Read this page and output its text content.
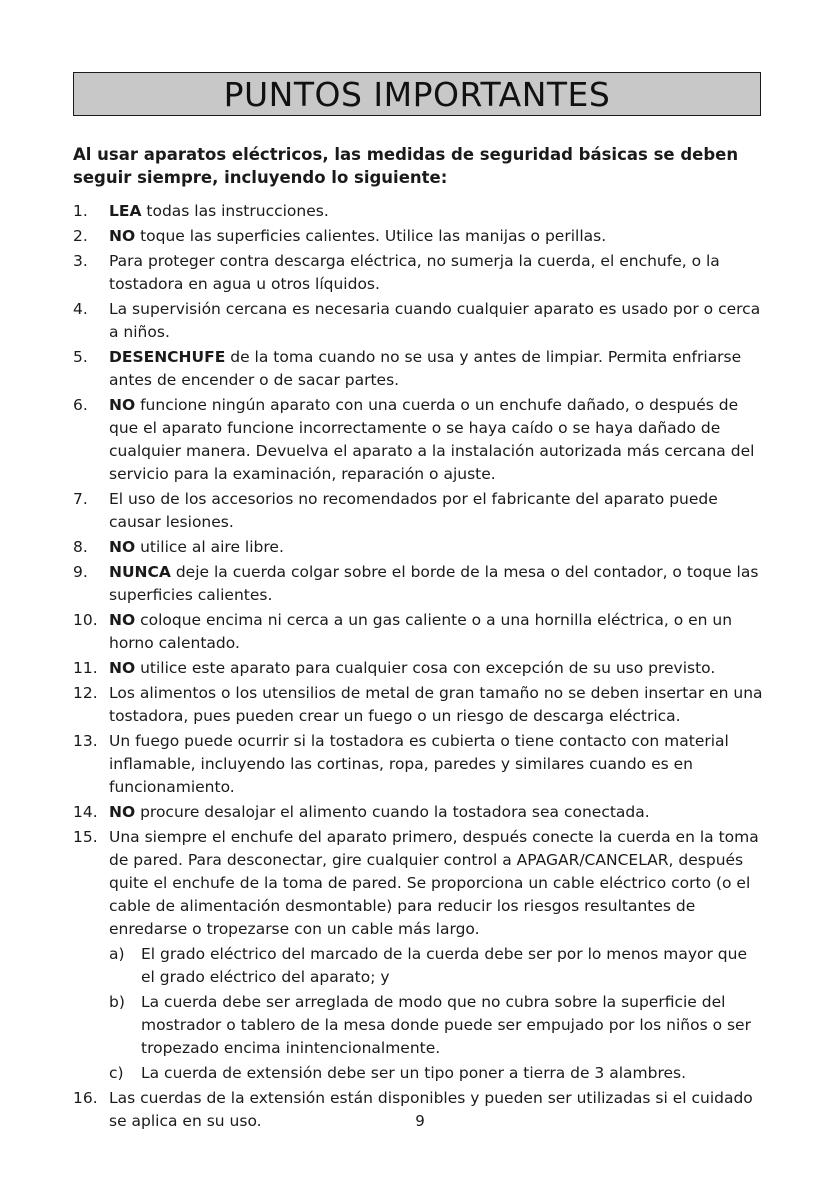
PUNTOS IMPORTANTES

Al usar aparatos eléctricos, las medidas de seguridad básicas se deben seguir siempre, incluyendo lo siguiente:

1.	LEA todas las instrucciones.
2.	NO toque las superficies calientes. Utilice las manijas o perillas.
3.	Para proteger contra descarga eléctrica, no sumerja la cuerda, el enchufe, o la tostadora en agua u otros líquidos.
4.	La supervisión cercana es necesaria cuando cualquier aparato es usado por o cerca a niños.
5.	DESENCHUFE de la toma cuando no se usa y antes de limpiar. Permita enfriarse antes de encender o de sacar partes.
6.	NO funcione ningún aparato con una cuerda o un enchufe dañado, o después de que el aparato funcione incorrectamente o se haya caído o se haya dañado de cualquier manera. Devuelva el aparato a la instalación autorizada más cercana del servicio para la examinación, reparación o ajuste.
7.	El uso de los accesorios no recomendados por el fabricante del aparato puede causar lesiones.
8.	NO utilice al aire libre.
9.	NUNCA deje la cuerda colgar sobre el borde de la mesa o del contador, o toque las superficies calientes.
10. NO coloque encima ni cerca a un gas caliente o a una hornilla eléctrica, o en un horno calentado.
11. NO utilice este aparato para cualquier cosa con excepción de su uso previsto.
12. Los alimentos o los utensilios de metal de gran tamaño no se deben insertar en una tostadora, pues pueden crear un fuego o un riesgo de descarga eléctrica.
13. Un fuego puede ocurrir si la tostadora es cubierta o tiene contacto con material inflamable, incluyendo las cortinas, ropa, paredes y similares cuando es en funcionamiento.
14. NO procure desalojar el alimento cuando la tostadora sea conectada.
15. Una siempre el enchufe del aparato primero, después conecte la cuerda en la toma de pared. Para desconectar, gire cualquier control a APAGAR/CANCELAR, después quite el enchufe de la toma de pared. Se proporciona un cable eléctrico corto (o el cable de alimentación desmontable) para reducir los riesgos resultantes de enredarse o tropezarse con un cable más largo.
a)	El grado eléctrico del marcado de la cuerda debe ser por lo menos mayor que el grado eléctrico del aparato; y
b)	La cuerda debe ser arreglada de modo que no cubra sobre la superficie del mostrador o tablero de la mesa donde puede ser empujado por los niños o ser tropezado encima inintencionalmente.
c)	La cuerda de extensión debe ser un tipo poner a tierra de 3 alambres.
16. Las cuerdas de la extensión están disponibles y pueden ser utilizadas si el cuidado se aplica en su uso.	9
